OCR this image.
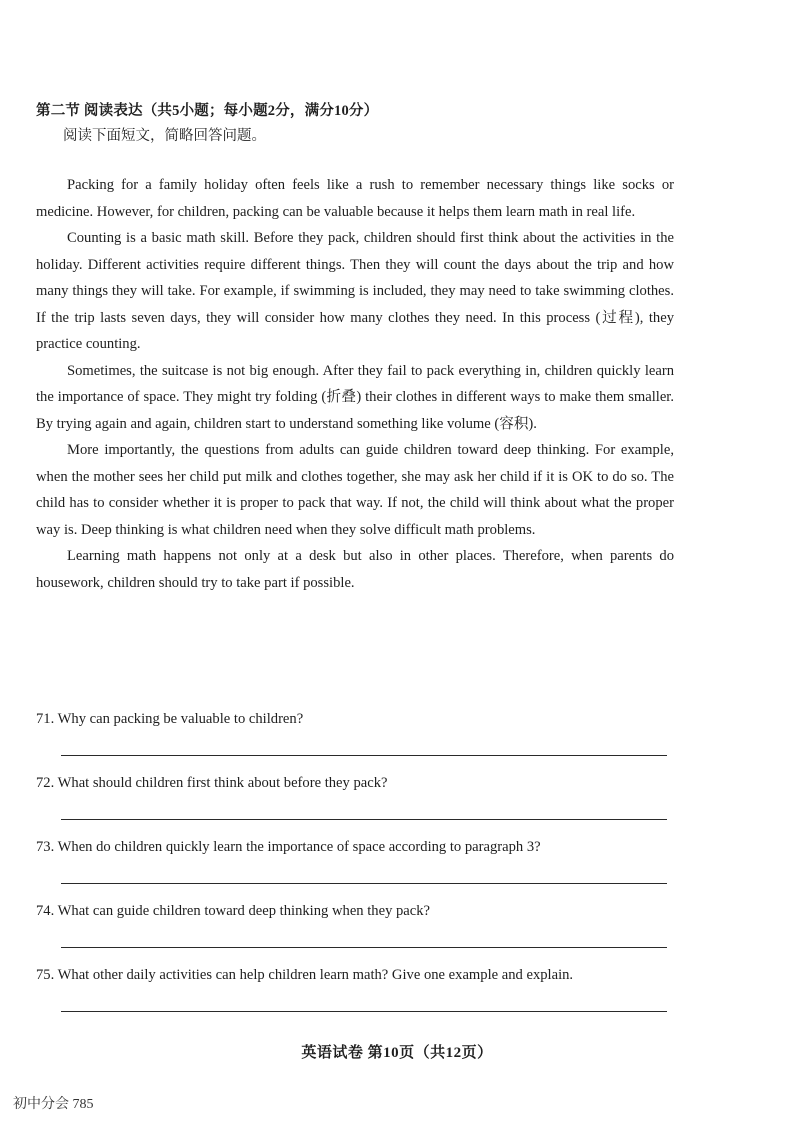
第二节 阅读表达（共5小题；每小题2分，满分10分）
阅读下面短文，简略回答问题。

Packing for a family holiday often feels like a rush to remember necessary things like socks or medicine. However, for children, packing can be valuable because it helps them learn math in real life.

Counting is a basic math skill. Before they pack, children should first think about the activities in the holiday. Different activities require different things. Then they will count the days about the trip and how many things they will take. For example, if swimming is included, they may need to take swimming clothes. If the trip lasts seven days, they will consider how many clothes they need. In this process (过程), they practice counting.

Sometimes, the suitcase is not big enough. After they fail to pack everything in, children quickly learn the importance of space. They might try folding (折叠) their clothes in different ways to make them smaller. By trying again and again, children start to understand something like volume (容积).

More importantly, the questions from adults can guide children toward deep thinking. For example, when the mother sees her child put milk and clothes together, she may ask her child if it is OK to do so. The child has to consider whether it is proper to pack that way. If not, the child will think about what the proper way is. Deep thinking is what children need when they solve difficult math problems.

Learning math happens not only at a desk but also in other places. Therefore, when parents do housework, children should try to take part if possible.

71. Why can packing be valuable to children?
72. What should children first think about before they pack?
73. When do children quickly learn the importance of space according to paragraph 3?
74. What can guide children toward deep thinking when they pack?
75. What other daily activities can help children learn math? Give one example and explain.
英语试卷 第10页（共12页）
初中分会 785
